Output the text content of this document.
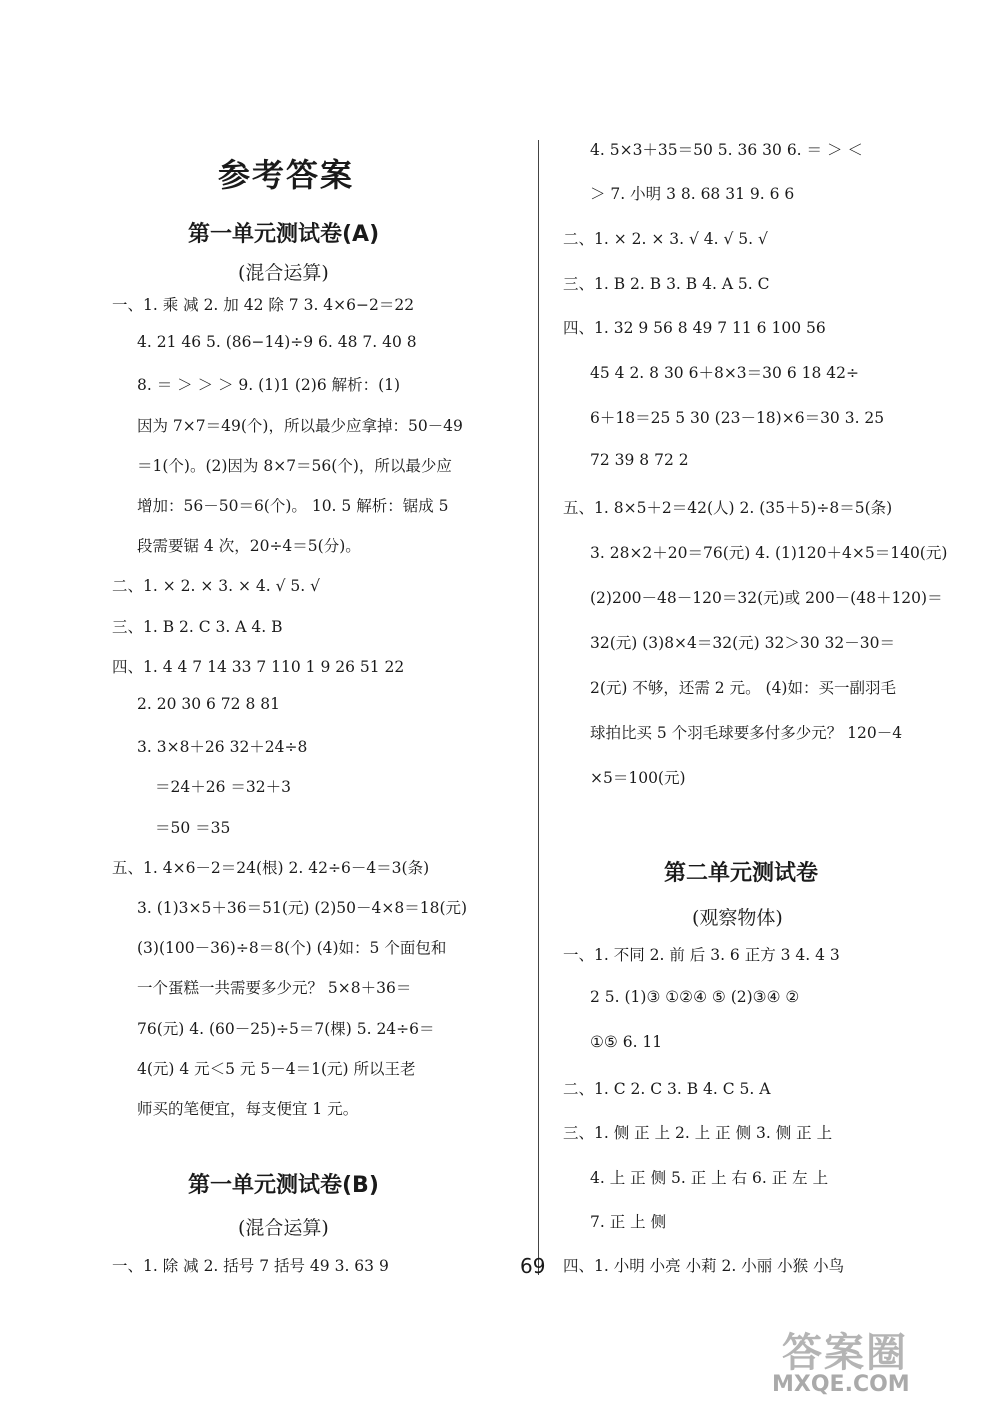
参考答案
第一单元测试卷(A)
(混合运算)
一、1. 乘 减 2. 加 42 除 7 3. 4×6−2＝22
4. 21 46 5. (86−14)÷9 6. 48 7. 40 8
8. ＝ ＞ ＞ ＞ 9. (1)1 (2)6 解析：(1)
因为 7×7＝49(个)，所以最少应拿掉：50－49
＝1(个)。(2)因为 8×7＝56(个)，所以最少应
增加：56－50＝6(个)。 10. 5 解析：锯成 5
段需要锯 4 次，20÷4＝5(分)。
二、1. × 2. × 3. × 4. √ 5. √
三、1. B 2. C 3. A 4. B
四、1. 4 4 7 14 33 7 110 1 9 26 51 22
2. 20 30 6 72 8 81
3. 3×8＋26 32＋24÷8
＝24＋26 ＝32＋3
＝50 ＝35
五、1. 4×6－2＝24(根) 2. 42÷6－4＝3(条)
3. (1)3×5＋36＝51(元) (2)50－4×8＝18(元)
(3)(100－36)÷8＝8(个) (4)如：5 个面包和
一个蛋糕一共需要多少元？ 5×8＋36＝
76(元) 4. (60－25)÷5＝7(棵) 5. 24÷6＝
4(元) 4 元＜5 元 5－4＝1(元) 所以王老
师买的笔便宜，每支便宜 1 元。
第一单元测试卷(B)
(混合运算)
一、1. 除 减 2. 括号 7 括号 49 3. 63 9
4. 5×3＋35＝50 5. 36 30 6. ＝ ＞ ＜
＞ 7. 小明 3 8. 68 31 9. 6 6
二、1. × 2. × 3. √ 4. √ 5. √
三、1. B 2. B 3. B 4. A 5. C
四、1. 32 9 56 8 49 7 11 6 100 56
45 4 2. 8 30 6＋8×3＝30 6 18 42÷
6＋18＝25 5 30 (23－18)×6＝30 3. 25
72 39 8 72 2
五、1. 8×5＋2＝42(人) 2. (35＋5)÷8＝5(条)
3. 28×2＋20＝76(元) 4. (1)120＋4×5＝140(元)
(2)200－48－120＝32(元)或 200－(48＋120)＝
32(元) (3)8×4＝32(元) 32＞30 32－30＝
2(元) 不够，还需 2 元。 (4)如：买一副羽毛
球拍比买 5 个羽毛球要多付多少元？ 120－4
×5＝100(元)
第二单元测试卷
(观察物体)
一、1. 不同 2. 前 后 3. 6 正方 3 4. 4 3
2 5. (1)③ ①②④ ⑤ (2)③④ ②
①⑤ 6. 11
二、1. C 2. C 3. B 4. C 5. A
三、1. 侧 正 上 2. 上 正 侧 3. 侧 正 上
4. 上 正 侧 5. 正 上 右 6. 正 左 上
7. 正 上 侧
四、1. 小明 小亮 小莉 2. 小丽 小猴 小鸟
69
答案圈
MXQE.COM
